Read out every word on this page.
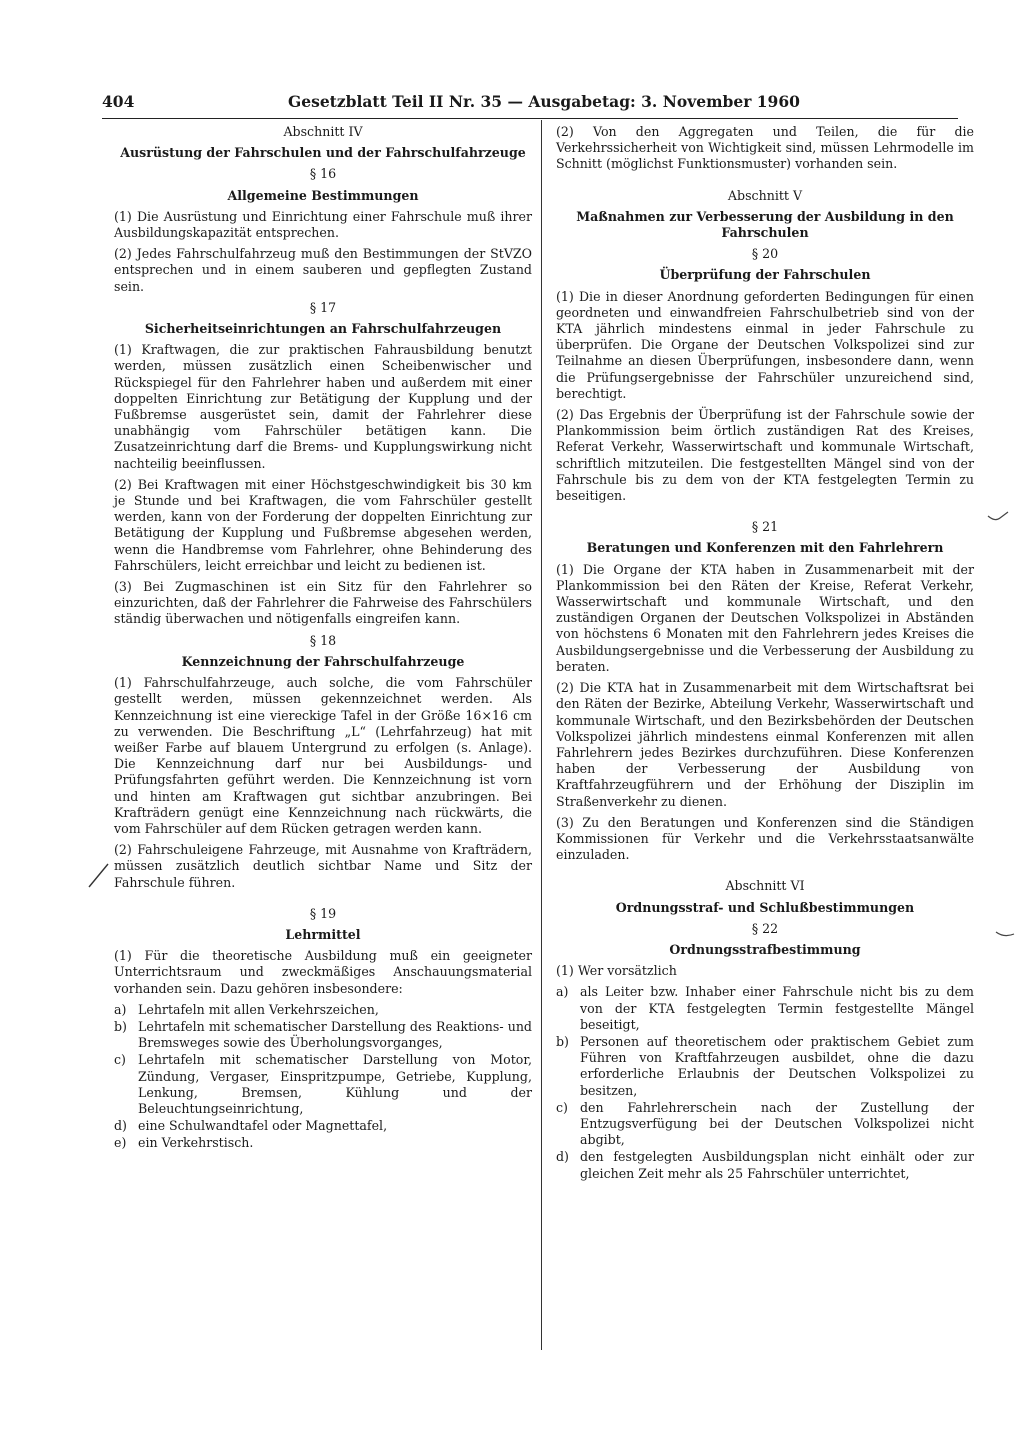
404	Gesetzblatt Teil II Nr. 35 — Ausgabetag: 3. November 1960

Abschnitt IV

Ausrüstung der Fahrschulen und der Fahrschulfahrzeuge

§ 16

Allgemeine Bestimmungen

(1) Die Ausrüstung und Einrichtung einer Fahrschule muß ihrer Ausbildungskapazität entsprechen.

(2) Jedes Fahrschulfahrzeug muß den Bestimmungen der StVZO entsprechen und in einem sauberen und gepflegten Zustand sein.

§ 17

Sicherheitseinrichtungen an Fahrschulfahrzeugen

(1) Kraftwagen, die zur praktischen Fahrausbildung benutzt werden, müssen zusätzlich einen Scheibenwischer und Rückspiegel für den Fahrlehrer haben und außerdem mit einer doppelten Einrichtung zur Betätigung der Kupplung und der Fußbremse ausgerüstet sein, damit der Fahrlehrer diese unabhängig vom Fahrschüler betätigen kann. Die Zusatzeinrichtung darf die Brems- und Kupplungswirkung nicht nachteilig beeinflussen.

(2) Bei Kraftwagen mit einer Höchstgeschwindigkeit bis 30 km je Stunde und bei Kraftwagen, die vom Fahrschüler gestellt werden, kann von der Forderung der doppelten Einrichtung zur Betätigung der Kupplung und Fußbremse abgesehen werden, wenn die Handbremse vom Fahrlehrer, ohne Behinderung des Fahrschülers, leicht erreichbar und leicht zu bedienen ist.

(3) Bei Zugmaschinen ist ein Sitz für den Fahrlehrer so einzurichten, daß der Fahrlehrer die Fahrweise des Fahrschülers ständig überwachen und nötigenfalls eingreifen kann.

§ 18

Kennzeichnung der Fahrschulfahrzeuge

(1) Fahrschulfahrzeuge, auch solche, die vom Fahrschüler gestellt werden, müssen gekennzeichnet werden. Als Kennzeichnung ist eine viereckige Tafel in der Größe 16×16 cm zu verwenden. Die Beschriftung „L“ (Lehrfahrzeug) hat mit weißer Farbe auf blauem Untergrund zu erfolgen (s. Anlage). Die Kennzeichnung darf nur bei Ausbildungs- und Prüfungsfahrten geführt werden. Die Kennzeichnung ist vorn und hinten am Kraftwagen gut sichtbar anzubringen. Bei Krafträdern genügt eine Kennzeichnung nach rückwärts, die vom Fahrschüler auf dem Rücken getragen werden kann.

(2) Fahrschuleigene Fahrzeuge, mit Ausnahme von Krafträdern, müssen zusätzlich deutlich sichtbar Name und Sitz der Fahrschule führen.

§ 19

Lehrmittel

(1) Für die theoretische Ausbildung muß ein geeigneter Unterrichtsraum und zweckmäßiges Anschauungsmaterial vorhanden sein. Dazu gehören insbesondere:

a) Lehrtafeln mit allen Verkehrszeichen,
b) Lehrtafeln mit schematischer Darstellung des Reaktions- und Bremsweges sowie des Überholungsvorganges,
c) Lehrtafeln mit schematischer Darstellung von Motor, Zündung, Vergaser, Einspritzpumpe, Getriebe, Kupplung, Lenkung, Bremsen, Kühlung und der Beleuchtungseinrichtung,
d) eine Schulwandtafel oder Magnettafel,
e) ein Verkehrstisch.

(2) Von den Aggregaten und Teilen, die für die Verkehrssicherheit von Wichtigkeit sind, müssen Lehrmodelle im Schnitt (möglichst Funktionsmuster) vorhanden sein.

Abschnitt V

Maßnahmen zur Verbesserung der Ausbildung in den Fahrschulen

§ 20

Überprüfung der Fahrschulen

(1) Die in dieser Anordnung geforderten Bedingungen für einen geordneten und einwandfreien Fahrschulbetrieb sind von der KTA jährlich mindestens einmal in jeder Fahrschule zu überprüfen. Die Organe der Deutschen Volkspolizei sind zur Teilnahme an diesen Überprüfungen, insbesondere dann, wenn die Prüfungsergebnisse der Fahrschüler unzureichend sind, berechtigt.

(2) Das Ergebnis der Überprüfung ist der Fahrschule sowie der Plankommission beim örtlich zuständigen Rat des Kreises, Referat Verkehr, Wasserwirtschaft und kommunale Wirtschaft, schriftlich mitzuteilen. Die festgestellten Mängel sind von der Fahrschule bis zu dem von der KTA festgelegten Termin zu beseitigen.

§ 21

Beratungen und Konferenzen mit den Fahrlehrern

(1) Die Organe der KTA haben in Zusammenarbeit mit der Plankommission bei den Räten der Kreise, Referat Verkehr, Wasserwirtschaft und kommunale Wirtschaft, und den zuständigen Organen der Deutschen Volkspolizei in Abständen von höchstens 6 Monaten mit den Fahrlehrern jedes Kreises die Ausbildungsergebnisse und die Verbesserung der Ausbildung zu beraten.

(2) Die KTA hat in Zusammenarbeit mit dem Wirtschaftsrat bei den Räten der Bezirke, Abteilung Verkehr, Wasserwirtschaft und kommunale Wirtschaft, und den Bezirksbehörden der Deutschen Volkspolizei jährlich mindestens einmal Konferenzen mit allen Fahrlehrern jedes Bezirkes durchzuführen. Diese Konferenzen haben der Verbesserung der Ausbildung von Kraftfahrzeugführern und der Erhöhung der Disziplin im Straßenverkehr zu dienen.

(3) Zu den Beratungen und Konferenzen sind die Ständigen Kommissionen für Verkehr und die Verkehrsstaatsanwälte einzuladen.

Abschnitt VI

Ordnungsstraf- und Schlußbestimmungen

§ 22

Ordnungsstrafbestimmung

(1) Wer vorsätzlich

a) als Leiter bzw. Inhaber einer Fahrschule nicht bis zu dem von der KTA festgelegten Termin festgestellte Mängel beseitigt,
b) Personen auf theoretischem oder praktischem Gebiet zum Führen von Kraftfahrzeugen ausbildet, ohne die dazu erforderliche Erlaubnis der Deutschen Volkspolizei zu besitzen,
c) den Fahrlehrerschein nach der Zustellung der Entzugsverfügung bei der Deutschen Volkspolizei nicht abgibt,
d) den festgelegten Ausbildungsplan nicht einhält oder zur gleichen Zeit mehr als 25 Fahrschüler unterrichtet,
